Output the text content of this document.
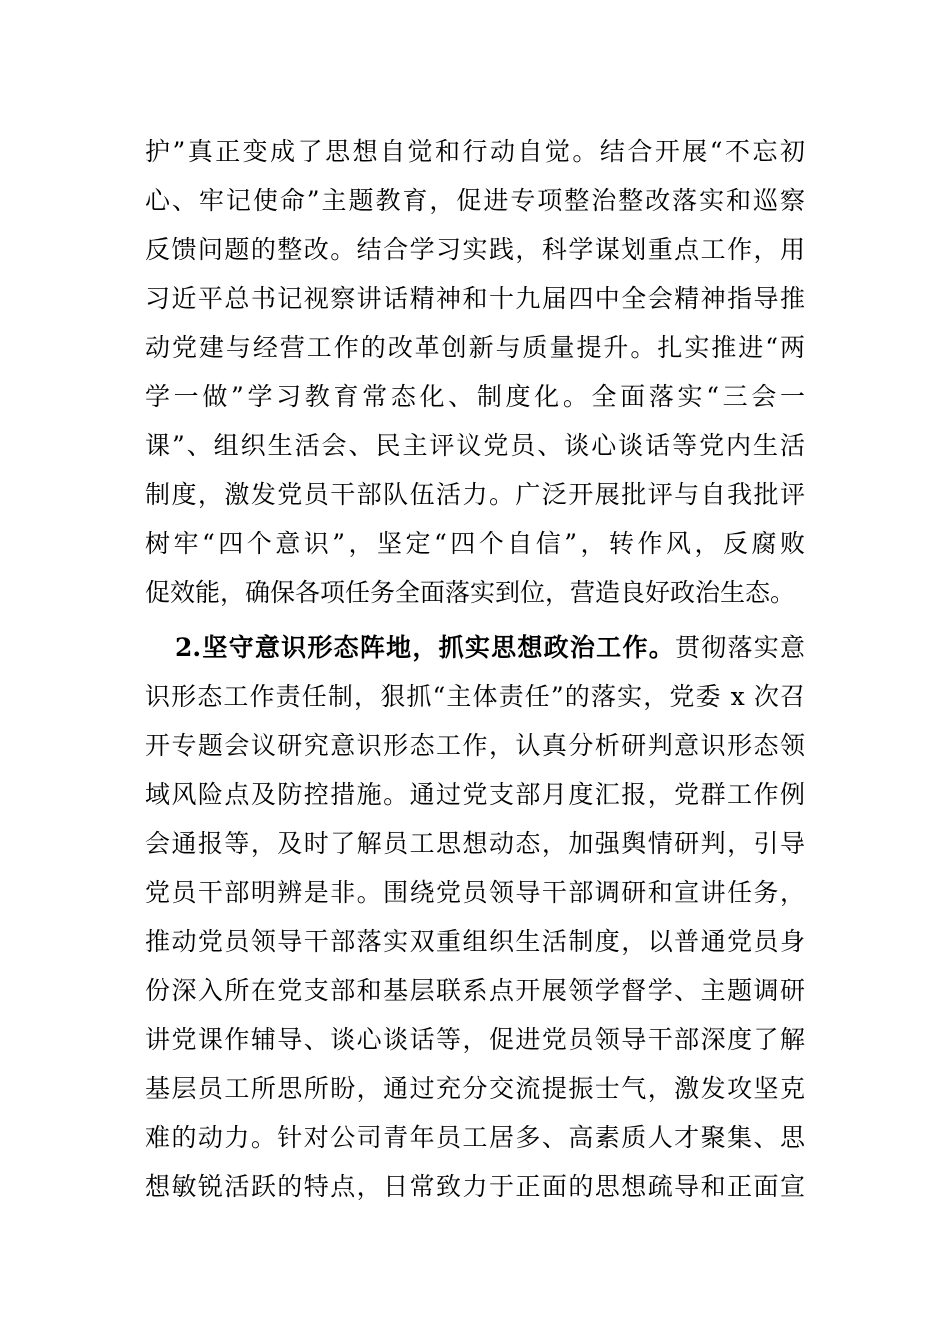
护”真正变成了思想自觉和行动自觉。结合开展“不忘初
心、牢记使命”主题教育，促进专项整治整改落实和巡察
反馈问题的整改。结合学习实践，科学谋划重点工作，用
习近平总书记视察讲话精神和十九届四中全会精神指导推
动党建与经营工作的改革创新与质量提升。扎实推进“两
学一做”学习教育常态化、制度化。全面落实“三会一
课”、组织生活会、民主评议党员、谈心谈话等党内生活
制度，激发党员干部队伍活力。广泛开展批评与自我批评
树牢“四个意识”，坚定“四个自信”，转作风，反腐败
促效能，确保各项任务全面落实到位，营造良好政治生态。
2.坚守意识形态阵地，抓实思想政治工作。贯彻落实意
识形态工作责任制，狠抓“主体责任”的落实，党委 x 次召
开专题会议研究意识形态工作，认真分析研判意识形态领
域风险点及防控措施。通过党支部月度汇报，党群工作例
会通报等，及时了解员工思想动态，加强舆情研判，引导
党员干部明辨是非。围绕党员领导干部调研和宣讲任务，
推动党员领导干部落实双重组织生活制度，以普通党员身
份深入所在党支部和基层联系点开展领学督学、主题调研
讲党课作辅导、谈心谈话等，促进党员领导干部深度了解
基层员工所思所盼，通过充分交流提振士气，激发攻坚克
难的动力。针对公司青年员工居多、高素质人才聚集、思
想敏锐活跃的特点，日常致力于正面的思想疏导和正面宣
